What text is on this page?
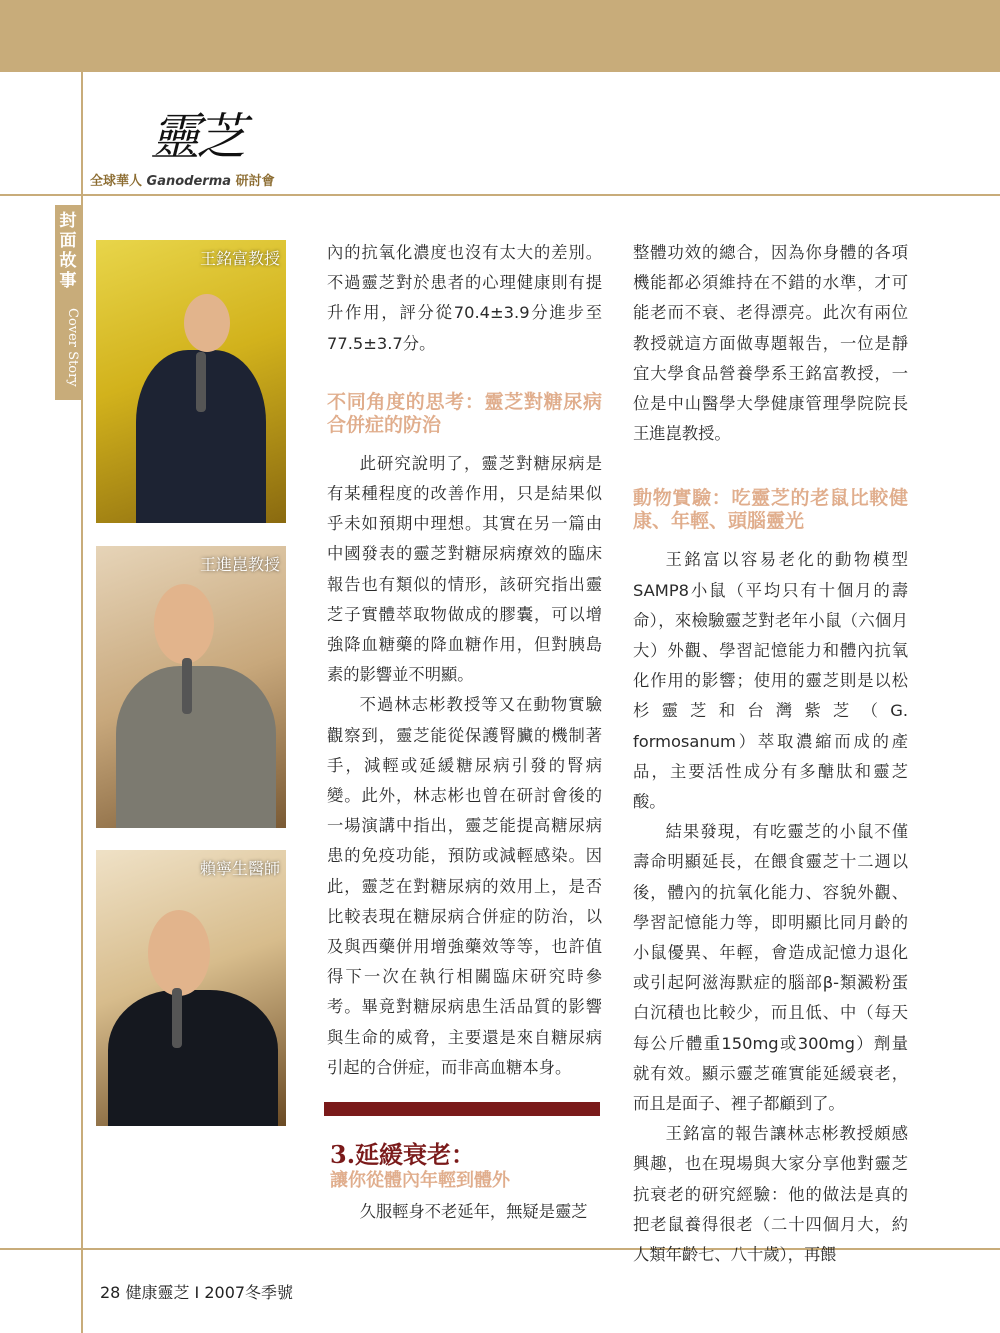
靈芝
全球華人 Ganoderma 研討會
封面故事
Cover Story
王銘富教授
王進崑教授
賴寧生醫師

內的抗氧化濃度也沒有太大的差別。不過靈芝對於患者的心理健康則有提升作用，評分從70.4±3.9分進步至77.5±3.7分。

不同角度的思考：靈芝對糖尿病合併症的防治

此研究說明了，靈芝對糖尿病是有某種程度的改善作用，只是結果似乎未如預期中理想。其實在另一篇由中國發表的靈芝對糖尿病療效的臨床報告也有類似的情形，該研究指出靈芝子實體萃取物做成的膠囊，可以增強降血糖藥的降血糖作用，但對胰島素的影響並不明顯。

不過林志彬教授等又在動物實驗觀察到，靈芝能從保護腎臟的機制著手，減輕或延緩糖尿病引發的腎病變。此外，林志彬也曾在研討會後的一場演講中指出，靈芝能提高糖尿病患的免疫功能，預防或減輕感染。因此，靈芝在對糖尿病的效用上，是否比較表現在糖尿病合併症的防治，以及與西藥併用增強藥效等等，也許值得下一次在執行相關臨床研究時參考。畢竟對糖尿病患生活品質的影響與生命的威脅，主要還是來自糖尿病引起的合併症，而非高血糖本身。

3.延緩衰老：
讓你從體內年輕到體外
久服輕身不老延年，無疑是靈芝

整體功效的總合，因為你身體的各項機能都必須維持在不錯的水準，才可能老而不衰、老得漂亮。此次有兩位教授就這方面做專題報告，一位是靜宜大學食品營養學系王銘富教授，一位是中山醫學大學健康管理學院院長王進崑教授。

動物實驗：吃靈芝的老鼠比較健康、年輕、頭腦靈光

王銘富以容易老化的動物模型SAMP8小鼠（平均只有十個月的壽命），來檢驗靈芝對老年小鼠（六個月大）外觀、學習記憶能力和體內抗氧化作用的影響；使用的靈芝則是以松杉靈芝和台灣紫芝（G. formosanum）萃取濃縮而成的產品，主要活性成分有多醣肽和靈芝酸。

結果發現，有吃靈芝的小鼠不僅壽命明顯延長，在餵食靈芝十二週以後，體內的抗氧化能力、容貌外觀、學習記憶能力等，即明顯比同月齡的小鼠優異、年輕，會造成記憶力退化或引起阿滋海默症的腦部β-類澱粉蛋白沉積也比較少，而且低、中（每天每公斤體重150mg或300mg）劑量就有效。顯示靈芝確實能延緩衰老，而且是面子、裡子都顧到了。

王銘富的報告讓林志彬教授頗感興趣，也在現場與大家分享他對靈芝抗衰老的研究經驗：他的做法是真的把老鼠養得很老（二十四個月大，約人類年齡七、八十歲），再餵

28 健康靈芝 I 2007冬季號
